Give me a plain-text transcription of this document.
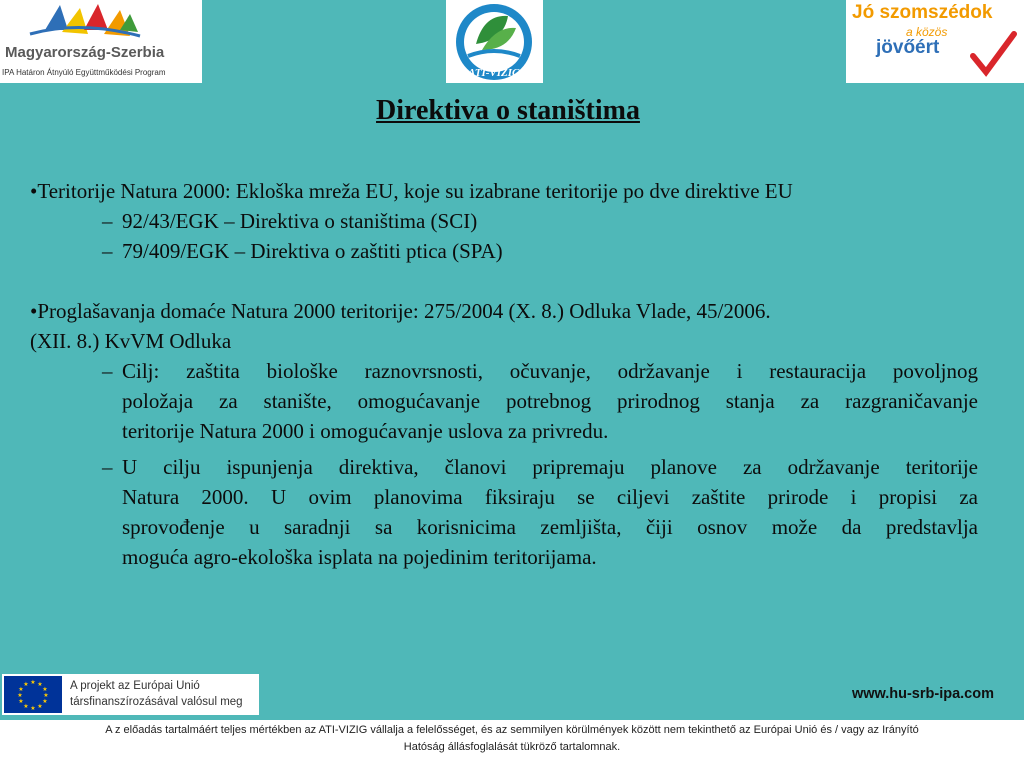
Magyarország-Szerbia
IPA Határon Átnyúló Együttműködési Program	ATI-VIZIG
Jó szomszédok
a közös
jövőért
Direktiva o staništima
•Teritorije Natura 2000: Ekloška mreža EU, koje su izabrane teritorije po dve direktive EU
– 92/43/EGK – Direktiva o staništima (SCI)
– 79/409/EGK – Direktiva o zaštiti ptica (SPA)
•Proglašavanja domaće Natura 2000 teritorije: 275/2004 (X. 8.) Odluka Vlade, 45/2006.
(XII. 8.) KvVM Odluka
– Cilj: zaštita biološke raznovrsnosti, očuvanje, održavanje i restauracija povoljnog
položaja za stanište, omogućavanje potrebnog prirodnog stanja za razgraničavanje
teritorije Natura 2000 i omogućavanje uslova za privredu.
– U cilju ispunjenja direktiva, članovi pripremaju planove za održavanje teritorije
Natura 2000. U ovim planovima fiksiraju se ciljevi zaštite prirode i propisi za
sprovođenje u saradnji sa korisnicima zemljišta, čiji osnov može da predstavlja
moguća agro-ekološka isplata na pojedinim teritorijama.
★ ★
★
★
★
★
★
★
★
★
★
★	A projekt az Európai Unió
társfinanszírozásával valósul meg	www.hu-srb-ipa.com
A z előadás tartalmáért teljes mértékben az ATI-VIZIG vállalja a felelősséget, és az semmilyen körülmények között nem tekinthető az Európai Unió és / vagy az Irányító
Hatóság állásfoglalását tükröző tartalomnak.
